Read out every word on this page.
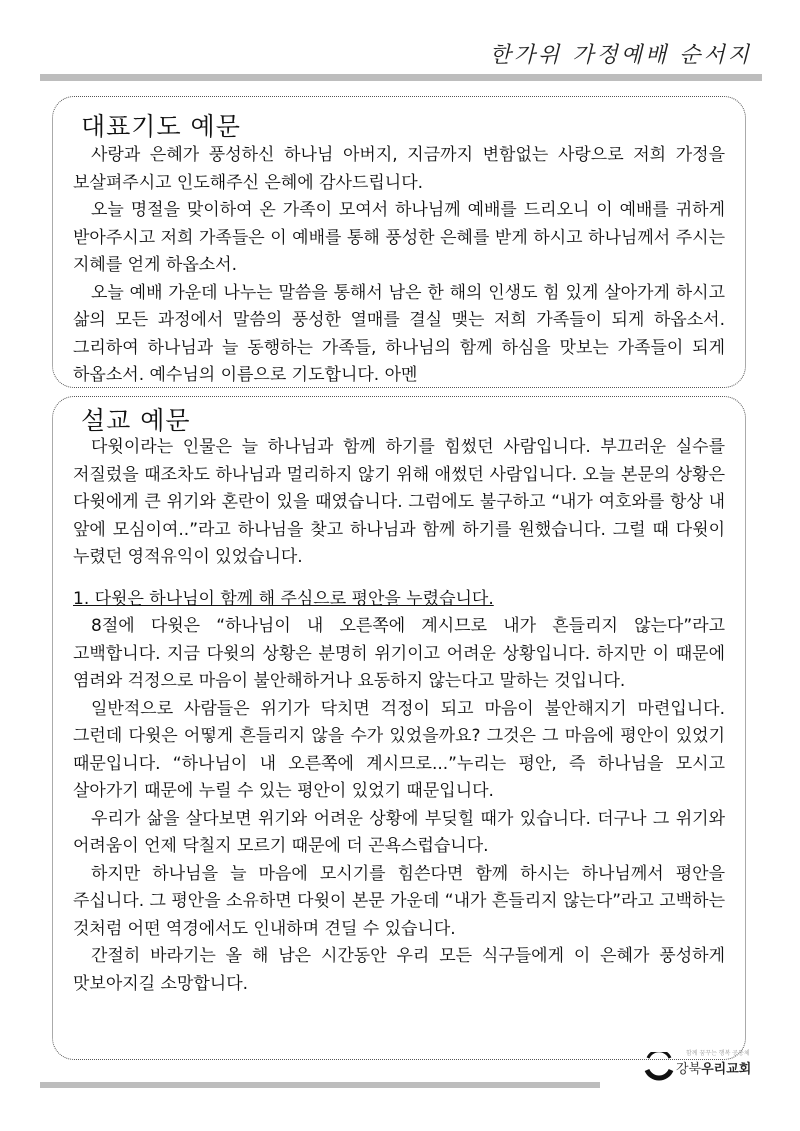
한가위 가정예배 순서지
대표기도 예문

사랑과 은혜가 풍성하신 하나님 아버지, 지금까지 변함없는 사랑으로 저희 가정을 보살펴주시고 인도해주신 은혜에 감사드립니다.

오늘 명절을 맞이하여 온 가족이 모여서 하나님께 예배를 드리오니 이 예배를 귀하게 받아주시고 저희 가족들은 이 예배를 통해 풍성한 은혜를 받게 하시고 하나님께서 주시는 지혜를 얻게 하옵소서.

오늘 예배 가운데 나누는 말씀을 통해서 남은 한 해의 인생도 힘 있게 살아가게 하시고 삶의 모든 과정에서 말씀의 풍성한 열매를 결실 맺는 저희 가족들이 되게 하옵소서. 그리하여 하나님과 늘 동행하는 가족들, 하나님의 함께 하심을 맛보는 가족들이 되게 하옵소서. 예수님의 이름으로 기도합니다. 아멘

설교 예문

다윗이라는 인물은 늘 하나님과 함께 하기를 힘썼던 사람입니다. 부끄러운 실수를 저질렀을 때조차도 하나님과 멀리하지 않기 위해 애썼던 사람입니다. 오늘 본문의 상황은 다윗에게 큰 위기와 혼란이 있을 때였습니다. 그럼에도 불구하고 “내가 여호와를 항상 내 앞에 모심이여..”라고 하나님을 찾고 하나님과 함께 하기를 원했습니다. 그럴 때 다윗이 누렸던 영적유익이 있었습니다.

1. 다윗은 하나님이 함께 해 주심으로 평안을 누렸습니다.

8절에 다윗은 “하나님이 내 오른쪽에 계시므로 내가 흔들리지 않는다”라고 고백합니다. 지금 다윗의 상황은 분명히 위기이고 어려운 상황입니다. 하지만 이 때문에 염려와 걱정으로 마음이 불안해하거나 요동하지 않는다고 말하는 것입니다.

일반적으로 사람들은 위기가 닥치면 걱정이 되고 마음이 불안해지기 마련입니다. 그런데 다윗은 어떻게 흔들리지 않을 수가 있었을까요? 그것은 그 마음에 평안이 있었기 때문입니다. “하나님이 내 오른쪽에 계시므로...”누리는 평안, 즉 하나님을 모시고 살아가기 때문에 누릴 수 있는 평안이 있었기 때문입니다.

우리가 삶을 살다보면 위기와 어려운 상황에 부딪힐 때가 있습니다. 더구나 그 위기와 어려움이 언제 닥칠지 모르기 때문에 더 곤욕스럽습니다.

하지만 하나님을 늘 마음에 모시기를 힘쓴다면 함께 하시는 하나님께서 평안을 주십니다. 그 평안을 소유하면 다윗이 본문 가운데 “내가 흔들리지 않는다”라고 고백하는 것처럼 어떤 역경에서도 인내하며 견딜 수 있습니다.

간절히 바라기는 올 해 남은 시간동안 우리 모든 식구들에게 이 은혜가 풍성하게 맛보아지길 소망합니다.

함께 꿈꾸는 행복 공동체
강북우리교회
